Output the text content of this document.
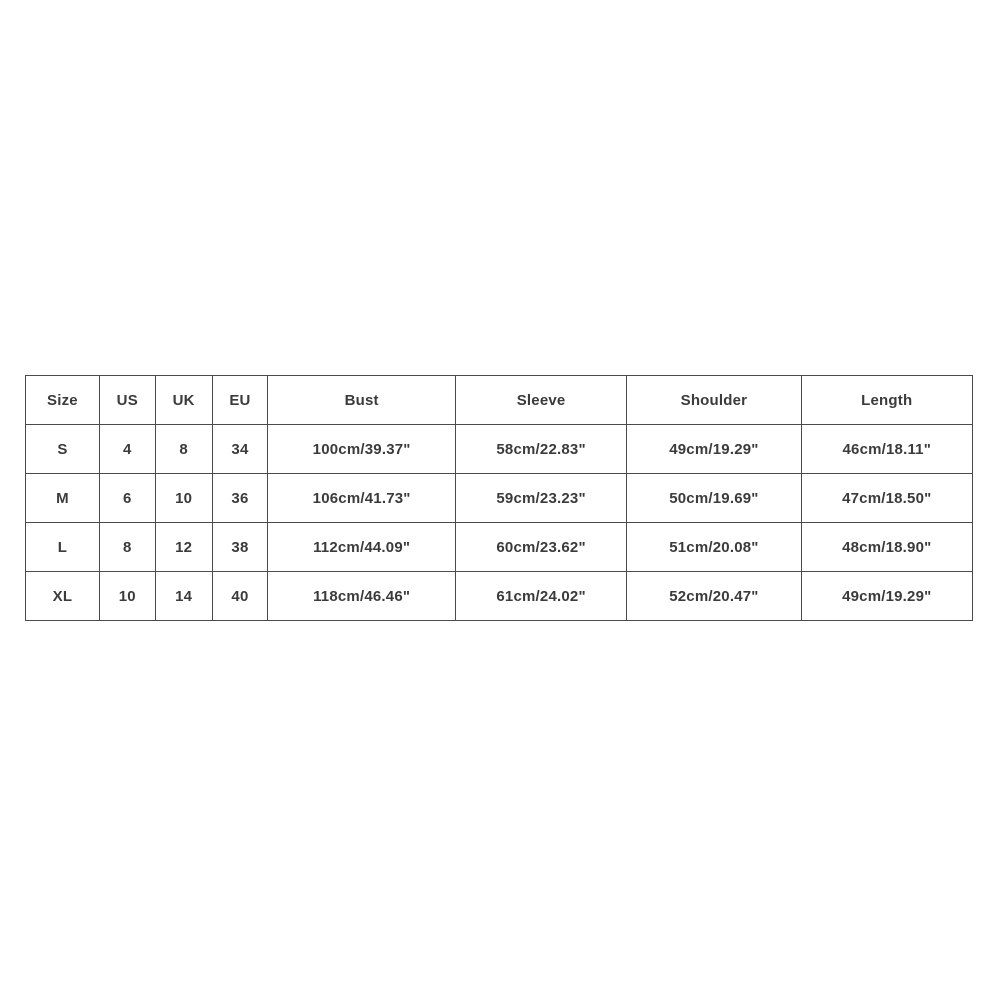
Size	US	UK	EU	Bust	Sleeve	Shoulder	Length
S	4	8	34	100cm/39.37"	58cm/22.83"	49cm/19.29"	46cm/18.11"
M	6	10	36	106cm/41.73"	59cm/23.23"	50cm/19.69"	47cm/18.50"
L	8	12	38	112cm/44.09"	60cm/23.62"	51cm/20.08"	48cm/18.90"
XL	10	14	40	118cm/46.46"	61cm/24.02"	52cm/20.47"	49cm/19.29"
